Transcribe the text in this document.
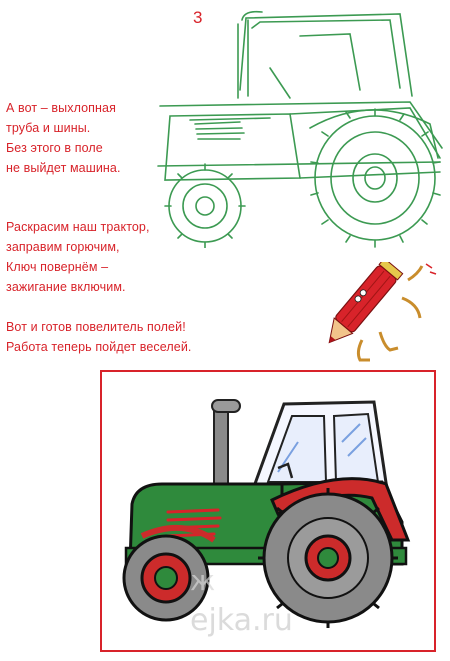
3
А вот – выхлопная
труба и шины.
Без этого в поле
не выйдет машина.
Раскрасим наш трактор,
заправим горючим,
Ключ повернём –
зажигание включим.
Вот и готов повелитель полей!
Работа теперь пойдет веселей.
ж
ejka.ru
